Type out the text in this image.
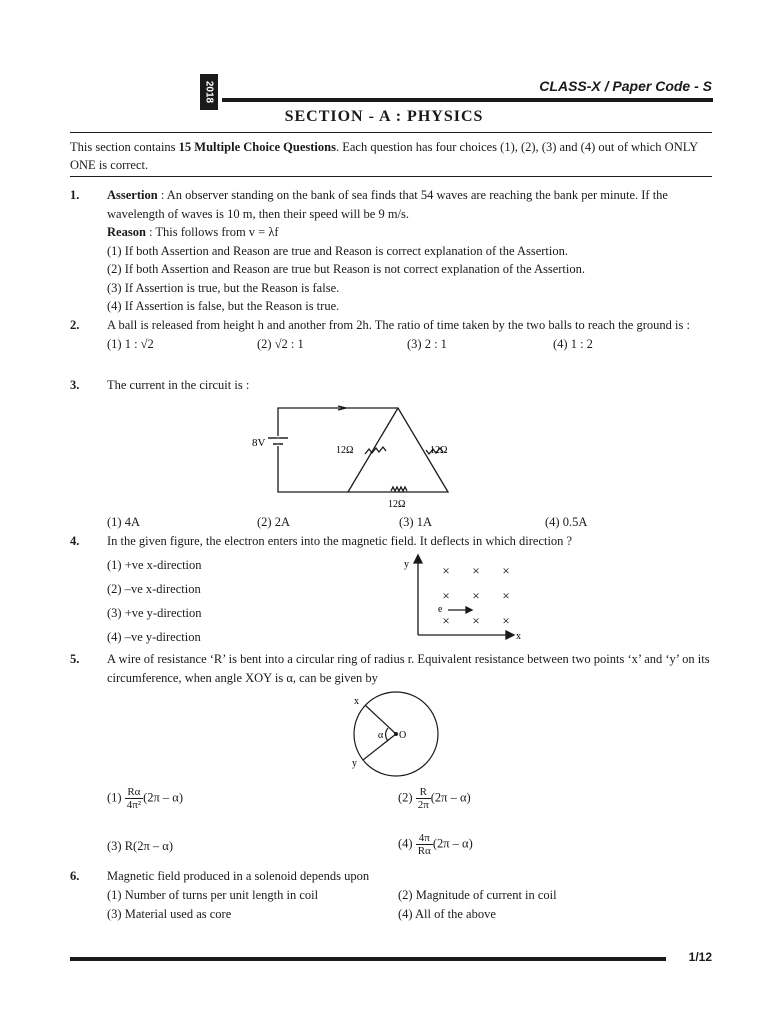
2018	CLASS-X / Paper Code - S
SECTION - A : PHYSICS
This section contains 15 Multiple Choice Questions. Each question has four choices (1), (2), (3) and (4) out of which ONLY ONE is correct.
1. Assertion : An observer standing on the bank of sea finds that 54 waves are reaching the bank per minute. If the wavelength of waves is 10 m, then their speed will be 9 m/s.
Reason : This follows from v = λf
(1) If both Assertion and Reason are true and Reason is correct explanation of the Assertion.
(2) If both Assertion and Reason are true but Reason is not correct explanation of the Assertion.
(3) If Assertion is true, but the Reason is false.
(4) If Assertion is false, but the Reason is true.
2. A ball is released from height h and another from 2h. The ratio of time taken by the two balls to reach the ground is :
(1) 1 : √2	(2) √2 : 1	(3) 2 : 1	(4) 1 : 2
3. The current in the circuit is :
8V
12Ω	12Ω
12Ω
(1) 4A	(2) 2A	(3) 1A	(4) 0.5A
4. In the given figure, the electron enters into the magnetic field. It deflects in which direction ?
(1) +ve x-direction
(2) –ve x-direction
(3) +ve y-direction
(4) –ve y-direction
y
x
e
× × ×
× × ×
× × ×
5. A wire of resistance ‘R’ is bent into a circular ring of radius r. Equivalent resistance between two points ‘x’ and ‘y’ on its circumference, when angle XOY is α, can be given by
x
y
α O
$(1) \frac{R\alpha}{\text{4π²}} (2\pi - \alpha)$	$(2) \frac{R}{2\pi} (2\pi - \alpha)$
(3) R(2π – α)	$(4) \frac{4\pi}{R\alpha} (2\pi - \alpha)$
6. Magnetic field produced in a solenoid depends upon
(1) Number of turns per unit length in coil	(2) Magnitude of current in coil
(3) Material used as core	(4) All of the above
1/12
